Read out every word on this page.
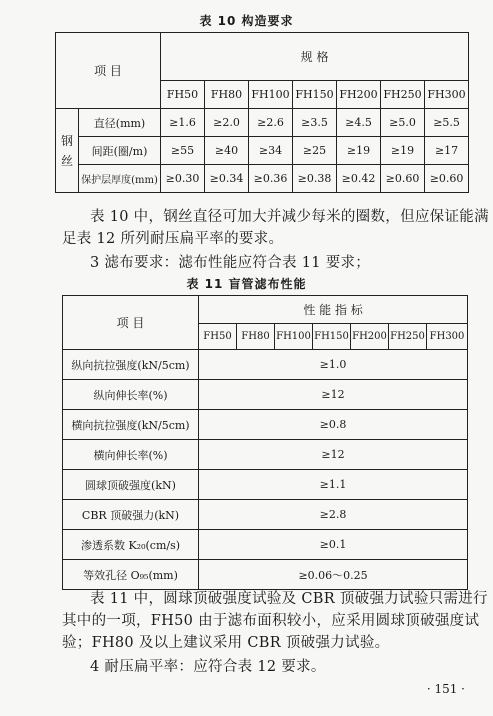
表 10 构造要求
项 目		规 格						
		FH50	FH80	FH100	FH150	FH200	FH250	FH300
钢丝	直径(mm)	≥1.6	≥2.0	≥2.6	≥3.5	≥4.5	≥5.0	≥5.5
	间距(圈/m)	≥55	≥40	≥34	≥25	≥19	≥19	≥17
	保护层厚度(mm)	≥0.30	≥0.34	≥0.36	≥0.38	≥0.42	≥0.60	≥0.60
表 10 中，钢丝直径可加大并减少每米的圈数，但应保证能满
足表 12 所列耐压扁平率的要求。
3 滤布要求：滤布性能应符合表 11 要求；
表 11 盲管滤布性能
项 目	性 能 指 标						
	FH50	FH80	FH100	FH150	FH200	FH250	FH300
纵向抗拉强度(kN/5cm)	≥1.0						
纵向伸长率(%)	≥12						
横向抗拉强度(kN/5cm)	≥0.8						
横向伸长率(%)	≥12						
圆球顶破强度(kN)	≥1.1						
CBR 顶破强力(kN)	≥2.8						
渗透系数 K₂₀(cm/s)	≥0.1						
等效孔径 O₉₅(mm)	≥0.06～0.25						
表 11 中，圆球顶破强度试验及 CBR 顶破强力试验只需进行
其中的一项，FH50 由于滤布面积较小，应采用圆球顶破强度试
验；FH80 及以上建议采用 CBR 顶破强力试验。
4 耐压扁平率：应符合表 12 要求。
· 151 ·
